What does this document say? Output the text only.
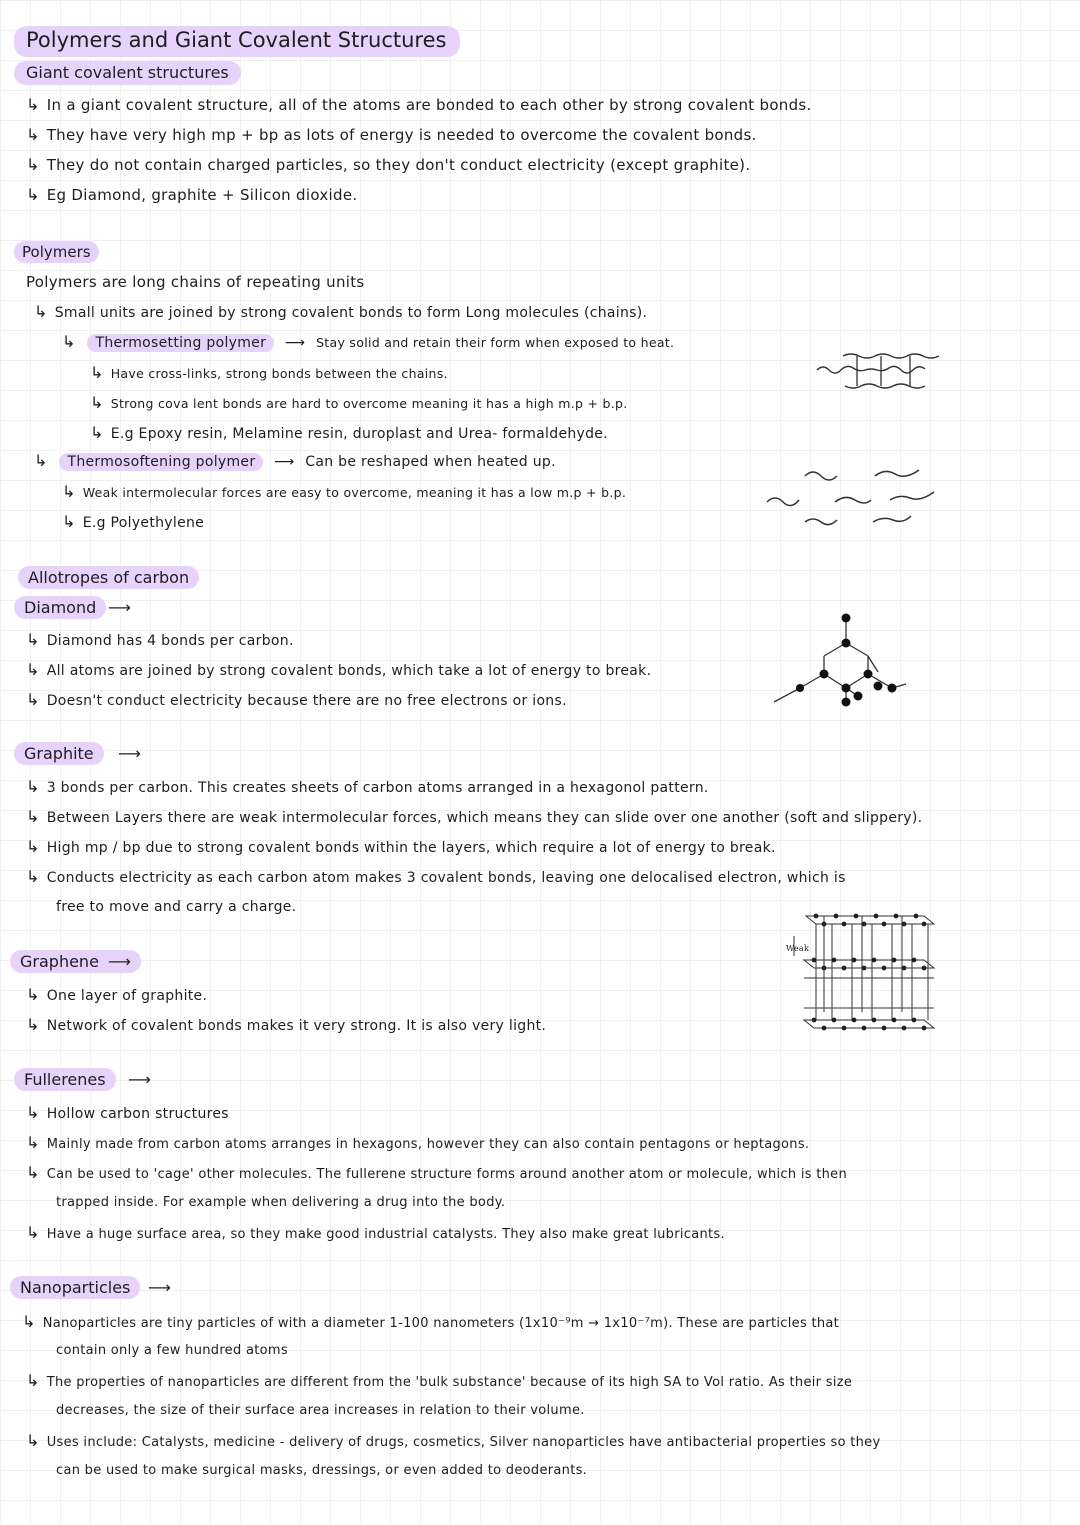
Polymers and Giant Covalent Structures
Giant covalent structures
↳ In a giant covalent structure, all of the atoms are bonded to each other by strong covalent bonds.
↳ They have very high mp + bp as lots of energy is needed to overcome the covalent bonds.
↳ They do not contain charged particles, so they don't conduct electricity (except graphite).
↳ Eg Diamond, graphite + Silicon dioxide.
Polymers
Polymers are long chains of repeating units
↳ Small units are joined by strong covalent bonds to form Long molecules (chains).
↳ Thermosetting polymer ⟶ Stay solid and retain their form when exposed to heat.
↳ Have cross-links, strong bonds between the chains.
↳ Strong cova lent bonds are hard to overcome meaning it has a high m.p + b.p.
↳ E.g Epoxy resin, Melamine resin, duroplast and Urea- formaldehyde.
↳ Thermosoftening polymer ⟶ Can be reshaped when heated up.
↳ Weak intermolecular forces are easy to overcome, meaning it has a low m.p + b.p.
↳ E.g Polyethylene
Allotropes of carbon
Diamond ⟶
↳ Diamond has 4 bonds per carbon.
↳ All atoms are joined by strong covalent bonds, which take a lot of energy to break.
↳ Doesn't conduct electricity because there are no free electrons or ions.
Graphite	⟶
↳ 3 bonds per carbon. This creates sheets of carbon atoms arranged in a hexagonol pattern.
↳ Between Layers there are weak intermolecular forces, which means they can slide over one another (soft and slippery).
↳ High mp / bp due to strong covalent bonds within the layers, which require a lot of energy to break.
↳ Conducts electricity as each carbon atom makes 3 covalent bonds, leaving one delocalised electron, which is
free to move and carry a charge.
Weak
Graphene ⟶
↳ One layer of graphite.
↳ Network of covalent bonds makes it very strong. It is also very light.
Fullerenes	⟶
↳ Hollow carbon structures
↳ Mainly made from carbon atoms arranges in hexagons, however they can also contain pentagons or heptagons.
↳ Can be used to 'cage' other molecules. The fullerene structure forms around another atom or molecule, which is then
trapped inside. For example when delivering a drug into the body.
↳ Have a huge surface area, so they make good industrial catalysts. They also make great lubricants.
Nanoparticles	⟶
↳ Nanoparticles are tiny particles of with a diameter 1-100 nanometers (1x10⁻⁹m → 1x10⁻⁷m). These are particles that
contain only a few hundred atoms
↳ The properties of nanoparticles are different from the 'bulk substance' because of its high SA to Vol ratio. As their size
decreases, the size of their surface area increases in relation to their volume.
↳ Uses include: Catalysts, medicine - delivery of drugs, cosmetics, Silver nanoparticles have antibacterial properties so they
can be used to make surgical masks, dressings, or even added to deoderants.
